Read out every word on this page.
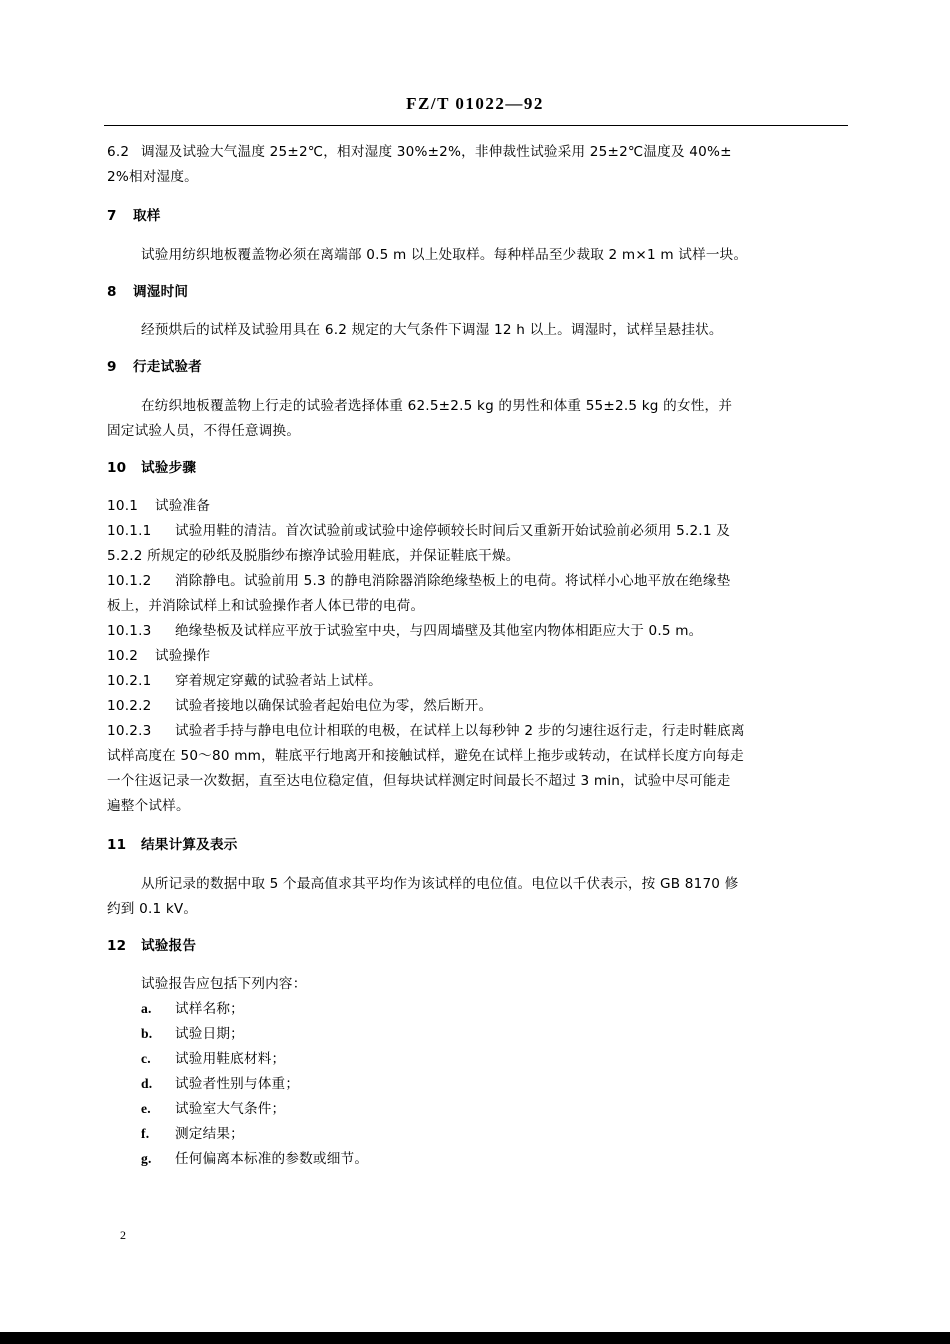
FZ/T 01022—92
6.2 调湿及试验大气温度 25±2℃，相对湿度 30%±2%，非伸裁性试验采用 25±2℃温度及 40%±
2%相对湿度。
7 取样
试验用纺织地板覆盖物必须在离端部 0.5 m 以上处取样。每种样品至少裁取 2 m×1 m 试样一块。
8 调湿时间
经预烘后的试样及试验用具在 6.2 规定的大气条件下调湿 12 h 以上。调湿时，试样呈悬挂状。
9 行走试验者
在纺织地板覆盖物上行走的试验者选择体重 62.5±2.5 kg 的男性和体重 55±2.5 kg 的女性，并
固定试验人员，不得任意调换。
10 试验步骤
10.1 试验准备
10.1.1 试验用鞋的清洁。首次试验前或试验中途停顿较长时间后又重新开始试验前必须用 5.2.1 及
5.2.2 所规定的砂纸及脱脂纱布擦净试验用鞋底，并保证鞋底干燥。
10.1.2 消除静电。试验前用 5.3 的静电消除器消除绝缘垫板上的电荷。将试样小心地平放在绝缘垫
板上，并消除试样上和试验操作者人体已带的电荷。
10.1.3 绝缘垫板及试样应平放于试验室中央，与四周墙壁及其他室内物体相距应大于 0.5 m。
10.2 试验操作
10.2.1 穿着规定穿戴的试验者站上试样。
10.2.2 试验者接地以确保试验者起始电位为零，然后断开。
10.2.3 试验者手持与静电电位计相联的电极，在试样上以每秒钟 2 步的匀速往返行走，行走时鞋底离
试样高度在 50～80 mm，鞋底平行地离开和接触试样，避免在试样上拖步或转动，在试样长度方向每走
一个往返记录一次数据，直至达电位稳定值，但每块试样测定时间最长不超过 3 min，试验中尽可能走
遍整个试样。
11 结果计算及表示
从所记录的数据中取 5 个最高值求其平均作为该试样的电位值。电位以千伏表示，按 GB 8170 修
约到 0.1 kV。
12 试验报告
试验报告应包括下列内容：
a. 试样名称；
b. 试验日期；
c. 试验用鞋底材料；
d. 试验者性别与体重；
e. 试验室大气条件；
f. 测定结果；
g. 任何偏离本标准的参数或细节。
2
